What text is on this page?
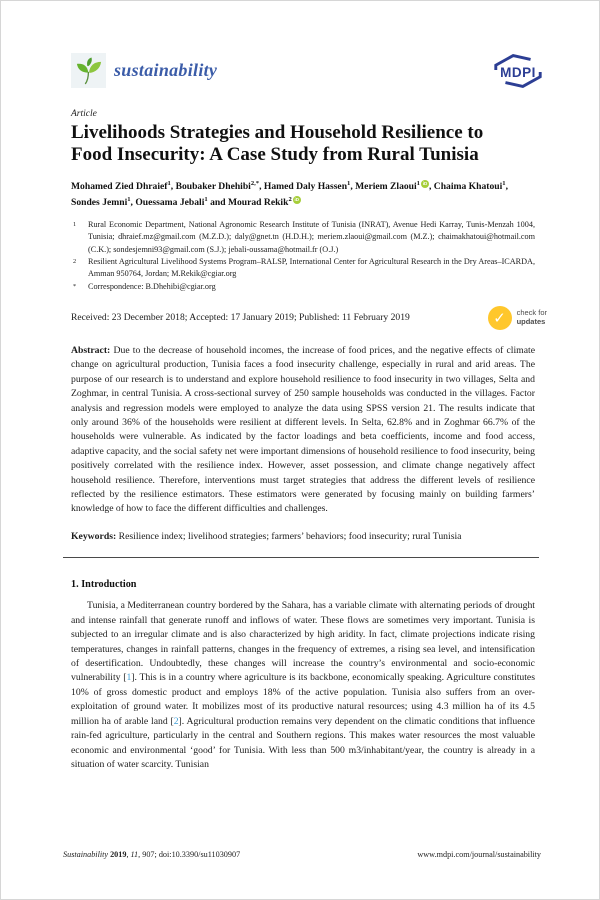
sustainability	MDPI
Article
Livelihoods Strategies and Household Resilience to
Food Insecurity: A Case Study from Rural Tunisia

Mohamed Zied Dhraief$^1$, Boubaker Dhehibi$^{2,*}$, Hamed Daly Hassen$^1$, Meriem Zlaoui$^1$ iD , Chaima Khatoui$^1$, Sondes Jemni$^1$, Ouessama Jebali$^1$ and Mourad Rekik$^2$ iD

1	Rural Economic Department, National Agronomic Research Institute of Tunisia (INRAT), Avenue Hedi Karray, Tunis-Menzah 1004, Tunisia; dhraief.mz@gmail.com (M.Z.D.); daly@gnet.tn (H.D.H.); meriem.zlaoui@gmail.com (M.Z.); chaimakhatoui@hotmail.com (C.K.); sondesjemni93@gmail.com (S.J.); jebali-oussama@hotmail.fr (O.J.)
2	Resilient Agricultural Livelihood Systems Program–RALSP, International Center for Agricultural Research in the Dry Areas–ICARDA, Amman 950764, Jordan; M.Rekik@cgiar.org
*	Correspondence: B.Dhehibi@cgiar.org
Received: 23 December 2018; Accepted: 17 January 2019; Published: 11 February 2019	✓	check for
updates

Abstract: Due to the decrease of household incomes, the increase of food prices, and the negative effects of climate change on agricultural production, Tunisia faces a food insecurity challenge, especially in rural and arid areas. The purpose of our research is to understand and explore household resilience to food insecurity in two villages, Selta and Zoghmar, in central Tunisia. A cross-sectional survey of 250 sample households was conducted in the villages. Factor analysis and regression models were employed to analyze the data using SPSS version 21. The results indicate that only around 36% of the households were resilient at different levels. In Selta, 62.8% and in Zoghmar 66.7% of the households were vulnerable. As indicated by the factor loadings and beta coefficients, income and food access, adaptive capacity, and the social safety net were important dimensions of household resilience to food insecurity, being positively correlated with the resilience index. However, asset possession, and climate change negatively affect household resilience. Therefore, interventions must target strategies that address the different levels of resilience reflected by the resilience estimators. These estimators were generated by focusing mainly on building farmers’ knowledge of how to face the different difficulties and challenges.

Keywords: Resilience index; livelihood strategies; farmers’ behaviors; food insecurity; rural Tunisia

1. Introduction

Tunisia, a Mediterranean country bordered by the Sahara, has a variable climate with alternating periods of drought and intense rainfall that generate runoff and inflows of water. These flows are sometimes very important. Tunisia is subjected to an irregular climate and is also characterized by high aridity. In fact, climate projections indicate rising temperatures, changes in rainfall patterns, changes in the frequency of extremes, a rising sea level, and intensification of desertification. Undoubtedly, these changes will increase the country’s environmental and socio-economic vulnerability [1]. This is in a country where agriculture is its backbone, economically speaking. Agriculture constitutes 10% of gross domestic product and employs 18% of the active population. Tunisia also suffers from an over-exploitation of ground water. It mobilizes most of its productive natural resources; using 4.3 million ha of its 4.5 million ha of arable land [2]. Agricultural production remains very dependent on the climatic conditions that influence rain-fed agriculture, particularly in the central and Southern regions. This makes water resources the most valuable economic and environmental ‘good’ for Tunisia. With less than 500 m3/inhabitant/year, the country is already in a situation of water scarcity. Tunisian

Sustainability 2019, 11, 907; doi:10.3390/su11030907	www.mdpi.com/journal/sustainability
